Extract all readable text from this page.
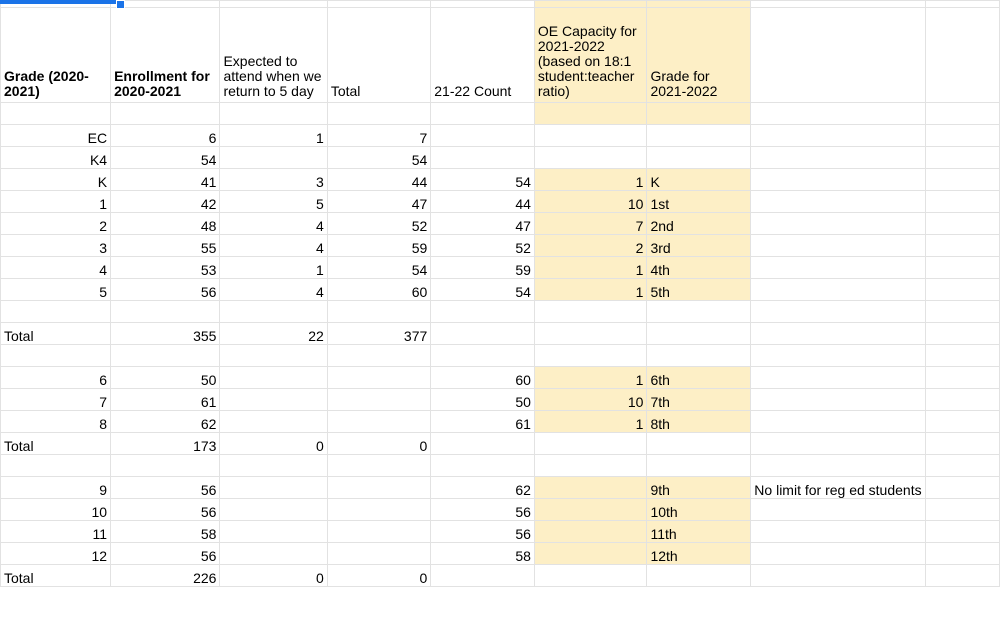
Grade (2020-2021)	Enrollment for 2020-2021	Expected to attend when we return to 5 day	Total	21-22 Count	OE Capacity for 2021-2022 (based on 18:1 student:teacher ratio)	Grade for 2021-2022		

EC	6	1	7					
K4	54		54					
K	41	3	44	54	1	K		
1	42	5	47	44	10	1st		
2	48	4	52	47	7	2nd		
3	55	4	59	52	2	3rd		
4	53	1	54	59	1	4th		
5	56	4	60	54	1	5th		

Total	355	22	377					

6	50			60	1	6th		
7	61			50	10	7th		
8	62			61	1	8th		
Total	173	0	0					

9	56			62		9th	No limit for reg ed students	
10	56			56		10th		
11	58			56		11th		
12	56			58		12th		
Total	226	0	0					
